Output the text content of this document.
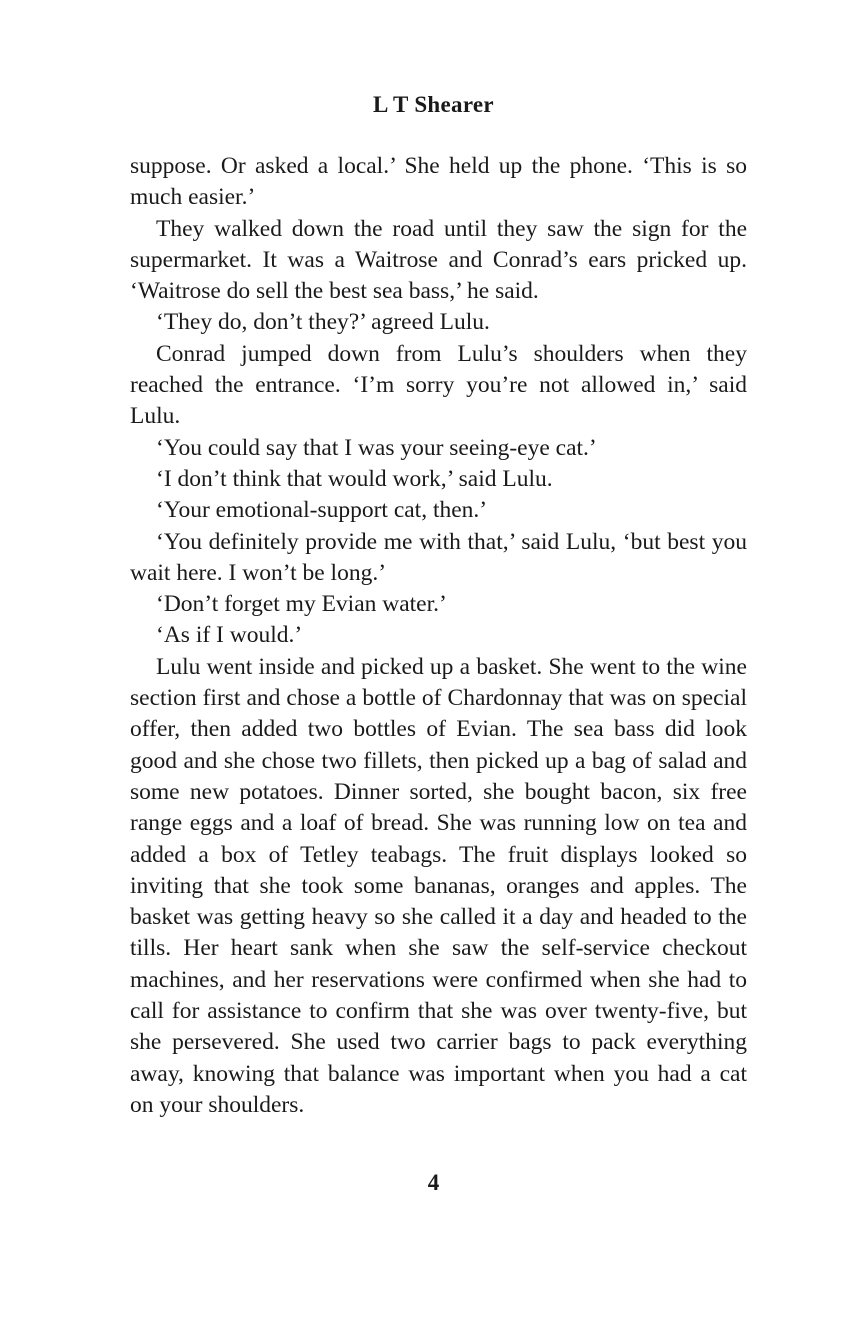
L T Shearer

suppose. Or asked a local.’ She held up the phone. ‘This is so much easier.’

They walked down the road until they saw the sign for the supermarket. It was a Waitrose and Conrad’s ears pricked up. ‘Waitrose do sell the best sea bass,’ he said.

‘They do, don’t they?’ agreed Lulu.

Conrad jumped down from Lulu’s shoulders when they reached the entrance. ‘I’m sorry you’re not allowed in,’ said Lulu.

‘You could say that I was your seeing-eye cat.’

‘I don’t think that would work,’ said Lulu.

‘Your emotional-support cat, then.’

‘You definitely provide me with that,’ said Lulu, ‘but best you wait here. I won’t be long.’

‘Don’t forget my Evian water.’

‘As if I would.’

Lulu went inside and picked up a basket. She went to the wine section first and chose a bottle of Chardonnay that was on special offer, then added two bottles of Evian. The sea bass did look good and she chose two fillets, then picked up a bag of salad and some new potatoes. Dinner sorted, she bought bacon, six free range eggs and a loaf of bread. She was running low on tea and added a box of Tetley teabags. The fruit displays looked so inviting that she took some bananas, oranges and apples. The basket was getting heavy so she called it a day and headed to the tills. Her heart sank when she saw the self-service checkout machines, and her reservations were confirmed when she had to call for assistance to confirm that she was over twenty-five, but she persevered. She used two carrier bags to pack everything away, knowing that balance was important when you had a cat on your shoulders.

4
